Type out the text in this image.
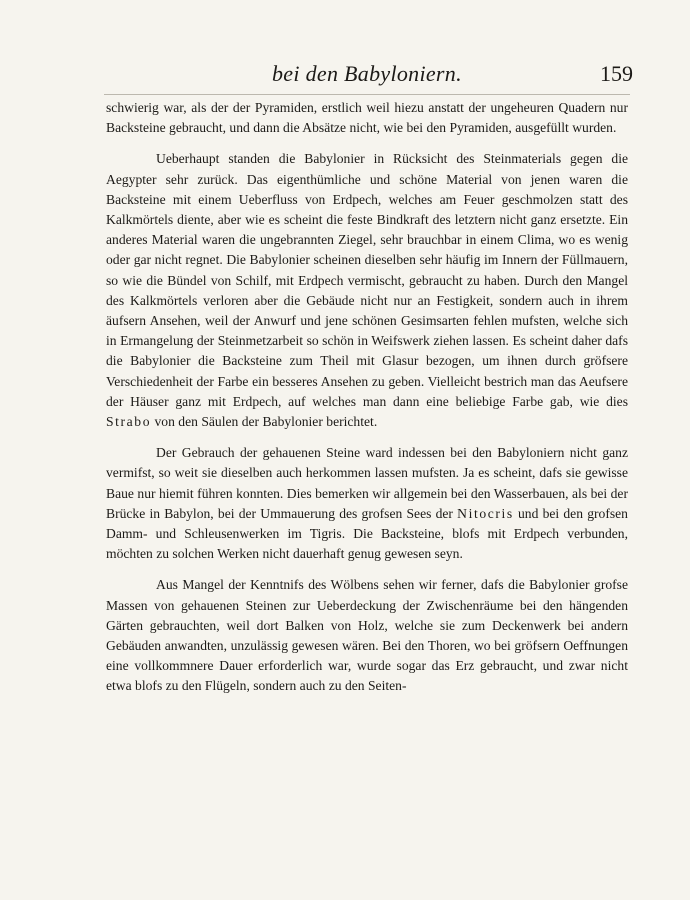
bei den Babyloniern.	159

schwierig war, als der der Pyramiden, erstlich weil hiezu anstatt der ungeheuren Quadern nur Backsteine gebraucht, und dann die Absätze nicht, wie bei den Pyramiden, ausgefüllt wurden.

Ueberhaupt standen die Babylonier in Rücksicht des Steinmaterials gegen die Aegypter sehr zurück. Das eigenthümliche und schöne Material von jenen waren die Backsteine mit einem Ueberfluss von Erdpech, welches am Feuer geschmolzen statt des Kalkmörtels diente, aber wie es scheint die feste Bindkraft des letztern nicht ganz ersetzte. Ein anderes Material waren die ungebrannten Ziegel, sehr brauchbar in einem Clima, wo es wenig oder gar nicht regnet. Die Babylonier scheinen dieselben sehr häufig im Innern der Füllmauern, so wie die Bündel von Schilf, mit Erdpech vermischt, gebraucht zu haben. Durch den Mangel des Kalkmörtels verloren aber die Gebäude nicht nur an Festigkeit, sondern auch in ihrem äufsern Ansehen, weil der Anwurf und jene schönen Gesimsarten fehlen mufsten, welche sich in Ermangelung der Steinmetzarbeit so schön in Weifswerk ziehen lassen. Es scheint daher dafs die Babylonier die Backsteine zum Theil mit Glasur bezogen, um ihnen durch gröfsere Verschiedenheit der Farbe ein besseres Ansehen zu geben. Vielleicht bestrich man das Aeufsere der Häuser ganz mit Erdpech, auf welches man dann eine beliebige Farbe gab, wie dies Strabo von den Säulen der Babylonier berichtet.

Der Gebrauch der gehauenen Steine ward indessen bei den Babyloniern nicht ganz vermifst, so weit sie dieselben auch herkommen lassen mufsten. Ja es scheint, dafs sie gewisse Baue nur hiemit führen konnten. Dies bemerken wir allgemein bei den Wasserbauen, als bei der Brücke in Babylon, bei der Ummauerung des grofsen Sees der Nitocris und bei den grofsen Damm- und Schleusenwerken im Tigris. Die Backsteine, blofs mit Erdpech verbunden, möchten zu solchen Werken nicht dauerhaft genug gewesen seyn.

Aus Mangel der Kenntnifs des Wölbens sehen wir ferner, dafs die Babylonier grofse Massen von gehauenen Steinen zur Ueberdeckung der Zwischenräume bei den hängenden Gärten gebrauchten, weil dort Balken von Holz, welche sie zum Deckenwerk bei andern Gebäuden anwandten, unzulässig gewesen wären. Bei den Thoren, wo bei gröfsern Oeffnungen eine vollkommnere Dauer erforderlich war, wurde sogar das Erz gebraucht, und zwar nicht etwa blofs zu den Flügeln, sondern auch zu den Seiten-
